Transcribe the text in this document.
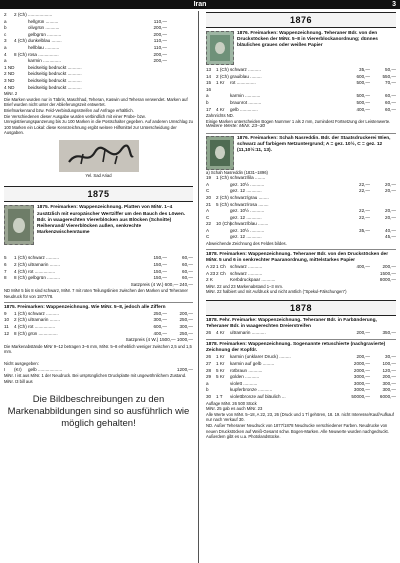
Iran	3
2	2 (Ch) ...................
a	hellgrün ..........	110,—
b	olivgrün ...........	200,—
c	gelbgrün ...........	200,—
3	4 (Ch) dunkelblau ........	110,—
a	hellblau ...........	110,—
4	8 (Ch) rosa ................	200,—
a	karmin ..............	200,—
1 ND	beidseitig bedruckt ...........
2 ND	beidseitig bedruckt ...........
3 ND	beidseitig bedruckt ...........
4 ND	beidseitig bedruckt ...........
MiNr. 2
Die Marken wurden nur in Täbris, Maschhad, Teheran, Kaswin und Teheran verwendet. Marken auf Brief wurden nicht unter der Ablieferungszeit entwertet.
Briefmarkenrand bzw. Feld-Verbindungsstreifen auf Anfrage erhältlich.
Die Verschiedenen dieser Ausgabe wurden verbindlich mit einer Probe- bzw. Unregistrierungspanzerung bis zu 100 Marken in die Postschalter gegeben. Auf anderen Umschlag zu 100 Marken ein Lokal: diese Kennzeichnung ergibt weitere Hilfsmittel zur Unterscheidung der Ausgaben.
Yel. Sad Ariad
1875
1875. Freimarken: Wappenzeichnung. Platten von MiNr. 1–4 zusätzlich mit europäischer Wertziffer um den Bauch des Löwen. Bdr. in waagerechten Viererblöcken aus Blöcken (Schnitte) Reihenrand/ Viererblöcken außen, senkrechte Markenzwischenräume
5	1 (Ch) schwarz ..........	150,—	60,—
6	2 (Ch) ultramarin ........	150,—	60,—
7	4 (Ch) rot ................	150,—	60,—
8	8 (Ch) gelbgrün ..........	150,—	60,—
Satzpreis (4 W.) 600,— 240,—
ND MiNr 5 bis 8 sind schwarz, MiNr. 7 mit roten Teilungslinien zwischen den Marken und Teheraner Neudruck für von 1877/78.
1875. Freimarken: Wappenzeichnung. Wie MiNr. 5–8, jedoch alle Ziffern
9	1 (Ch) schwarz ..........	250,—	200,—
10	2 (Ch) ultramarin ........	300,—	250,—
11	4 (Ch) rot ................	600,—	300,—
12	8 (Ch) grün ...............	400,—	250,—
Satzpreis (4 W.) 1500,— 1000,—
Die Markenabstände MiNr 9–12 betragen 3–6 mm, MiNr. 5–8 erheblich weniger zwischen 2,5 und 1,5 mm.
Nicht ausgegeben:
I	(Kr)	gelb ...................	1200,—
MiNr. I ist aus MiNr. 1 der Neudruck. Bei ursprünglichen Druckplatte mit ungewöhnlichem Zustand.
MiNr. I3 bill aus
Die Bildbeschreibungen zu den Markenabbildungen sind so ausführlich wie möglich gehalten!
1876
1876. Freimarken: Wappenzeichnung. Teheraner Bdr. von den Druckstöcken der MiNr. 5–8 in Viererblockanordnung; dünnes bläuliches graues oder weißes Papier
13	1 (Ch) schwarz ..........	35,—	50,—
14	2 (Ch) grauiblau .........	600,—	550,—
15	1 Kr	rot ...............	500,—	70,—
16
a	karmin ............	500,—	60,—
b	braunrot ..........	500,—	60,—
17	4 Kr	gelb ..............	400,—	60,—
Zahnrichts ND.
Einige Marken unterscheiden Bogen Nummer 1 als 2 mm, zumindest Fortsetzung der Leistenwerte.
Weitere Werte: MiNr. 23–30
1876. Freimarken: Schah Nasreddin. Bdr. der Staatsdruckerei Wien, schwarz auf farbigem Netzuntergrund; A = gez. 10½, C = gez. 12 (11,10½:11, 13).
a) Schah Nasreddin (1831–1896)
19	1 (Ch) schwarz/lila ........
A	gez. 10½ ...........	22,—	20,—
C	gez. 12 ............	22,—	20,—
20	2 (Ch) schwarz/grau ........
21	5 (Ch) schwarz/rosa ........
A	gez. 10½ ...........	22,—	20,—
C	gez. 12 ............	22,—	20,—
22	10 (Ch)
schwarz/blau ........
A	gez. 10½ ...........	35,—	40,—
C	gez. 12 ............	45,—
Abweichende Zeichnung des Feldes bildes.
1878. Freimarken: Wappenzeichnung. Teheraner Bdr. von den Druckstöcken der MiNr. 5 und 6 in senkrechter Paaranordnung, mittelstarkes Papier
A 22 1 Ch schwarz ...........	400,—	200,—
A 23 2 Ch schwarz ...........	1500,—
2 K	Kerbdruckpaar ...........	8000,—
MiNr. 22 und 23 Markenabstand 1–3 mm.
MiNr. 22 halbiert und mit Aufdruck und nicht amtlich ("Spekul-Fälschungen")
1878
1878. Fehr. Freimarke: Wappenzeichnung. Teheraner Bdr. in Farbänderung, Teheraner Bdr. in waagerechten Dreierstreifen
26	4 Kr	ultramarin ...........	200,—	350,—
1878. Freimarken: Wappenzeichnung. Sogenannte retuschierte (nachgravierte) Zeichnung der Kopfdr.
26	1 Kr	karmin (unklarer Druck) .........	200,—	30,—
27	1 Kr	karmin auf gelb .........	2000,—	100,—
28	5 Kr	rotbraun ...........	2000,—	120,—
29	5 Kr	golden ...........	3000,—	200,—
a	violett ...........	3000,—	300,—
b	kupferbronze ...........	3000,—	300,—
30	1 T	violettbronze auf bläulich ...	50000,—	6000,—
Auflage MiNr. 26 500 Stück
MiNr. 25 gab es auch MiNr. 23
Alle Werte von MiNr. 5–18, A 22, 23, 26 (Druck und 1 Tl gehören, 18. 19. nicht Interesse/Kauf/Aufkauf nur nach Verkauf 30.
ND. Außer Teheraner Neudruck von 1877/1878 Neudrucke verschiedener Farben. Neudrucke von neuen Druckstöcken auf Weiß-Gesamt schw. Bogen-Marken. Alle Neuwerte wurden nachgedruckt. Außerdem gibt es u.a. Photolandstücke.
